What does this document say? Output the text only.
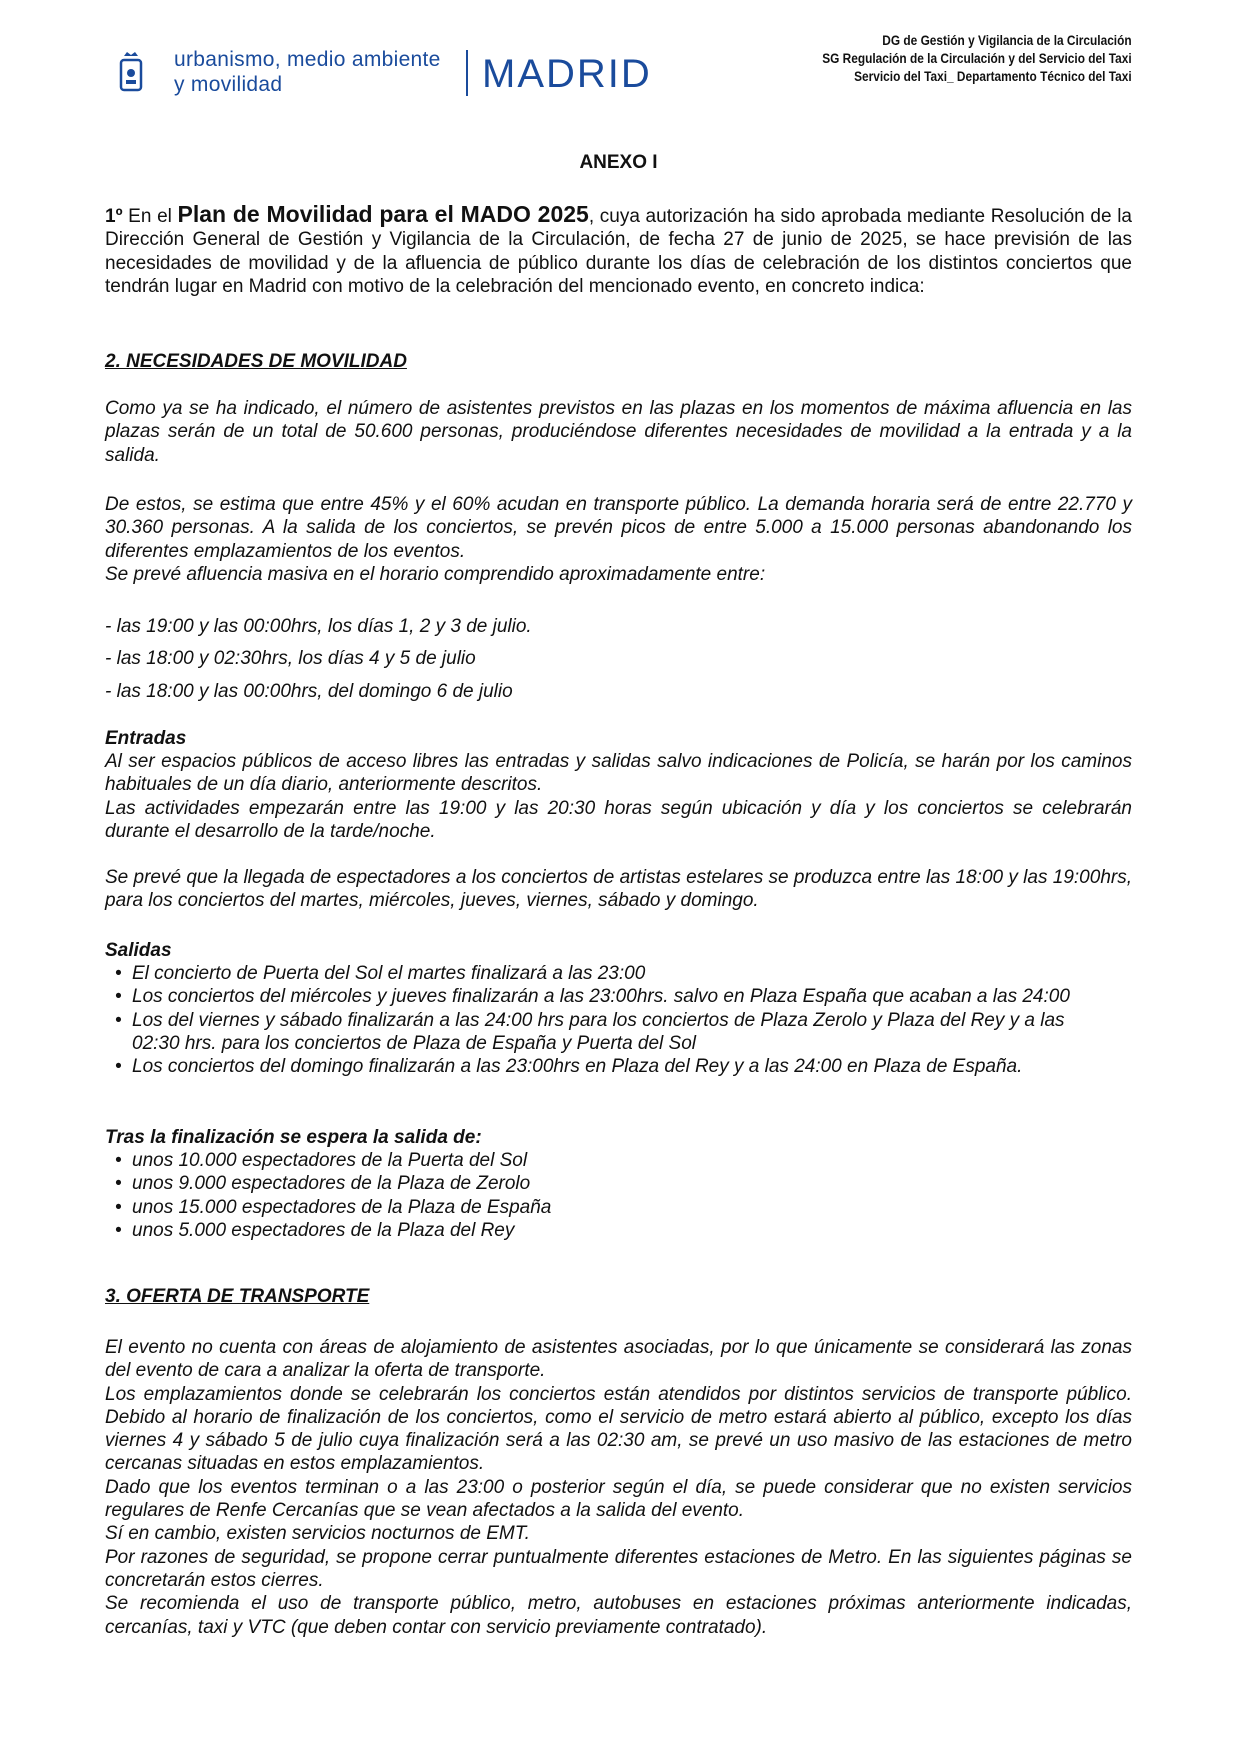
urbanismo, medio ambiente
y movilidad	MADRID
DG de Gestión y Vigilancia de la Circulación
SG Regulación de la Circulación y del Servicio del Taxi
Servicio del Taxi_ Departamento Técnico del Taxi
ANEXO I

1º En el Plan de Movilidad para el MADO 2025, cuya autorización ha sido aprobada mediante Resolución de la Dirección General de Gestión y Vigilancia de la Circulación, de fecha 27 de junio de 2025, se hace previsión de las necesidades de movilidad y de la afluencia de público durante los días de celebración de los distintos conciertos que tendrán lugar en Madrid con motivo de la celebración del mencionado evento, en concreto indica:

2. NECESIDADES DE MOVILIDAD

Como ya se ha indicado, el número de asistentes previstos en las plazas en los momentos de máxima afluencia en las plazas serán de un total de 50.600 personas, produciéndose diferentes necesidades de movilidad a la entrada y a la salida.

De estos, se estima que entre 45% y el 60% acudan en transporte público. La demanda horaria será de entre 22.770 y 30.360 personas. A la salida de los conciertos, se prevén picos de entre 5.000 a 15.000 personas abandonando los diferentes emplazamientos de los eventos.

Se prevé afluencia masiva en el horario comprendido aproximadamente entre:

- las 19:00 y las 00:00hrs, los días 1, 2 y 3 de julio.
- las 18:00 y 02:30hrs, los días 4 y 5 de julio
- las 18:00 y las 00:00hrs, del domingo 6 de julio
Entradas

Al ser espacios públicos de acceso libres las entradas y salidas salvo indicaciones de Policía, se harán por los caminos habituales de un día diario, anteriormente descritos.

Las actividades empezarán entre las 19:00 y las 20:30 horas según ubicación y día y los conciertos se celebrarán durante el desarrollo de la tarde/noche.

Se prevé que la llegada de espectadores a los conciertos de artistas estelares se produzca entre las 18:00 y las 19:00hrs, para los conciertos del martes, miércoles, jueves, viernes, sábado y domingo.

Salidas
• El concierto de Puerta del Sol el martes finalizará a las 23:00
• Los conciertos del miércoles y jueves finalizarán a las 23:00hrs. salvo en Plaza España que acaban a las 24:00
• Los del viernes y sábado finalizarán a las 24:00 hrs para los conciertos de Plaza Zerolo y Plaza del Rey y a las 02:30 hrs. para los conciertos de Plaza de España y Puerta del Sol
• Los conciertos del domingo finalizarán a las 23:00hrs en Plaza del Rey y a las 24:00 en Plaza de España.
Tras la finalización se espera la salida de:
• unos 10.000 espectadores de la Puerta del Sol
• unos 9.000 espectadores de la Plaza de Zerolo
• unos 15.000 espectadores de la Plaza de España
• unos 5.000 espectadores de la Plaza del Rey
3. OFERTA DE TRANSPORTE

El evento no cuenta con áreas de alojamiento de asistentes asociadas, por lo que únicamente se considerará las zonas del evento de cara a analizar la oferta de transporte.

Los emplazamientos donde se celebrarán los conciertos están atendidos por distintos servicios de transporte público. Debido al horario de finalización de los conciertos, como el servicio de metro estará abierto al público, excepto los días viernes 4 y sábado 5 de julio cuya finalización será a las 02:30 am, se prevé un uso masivo de las estaciones de metro cercanas situadas en estos emplazamientos.

Dado que los eventos terminan o a las 23:00 o posterior según el día, se puede considerar que no existen servicios regulares de Renfe Cercanías que se vean afectados a la salida del evento.

Sí en cambio, existen servicios nocturnos de EMT.

Por razones de seguridad, se propone cerrar puntualmente diferentes estaciones de Metro. En las siguientes páginas se concretarán estos cierres.

Se recomienda el uso de transporte público, metro, autobuses en estaciones próximas anteriormente indicadas, cercanías, taxi y VTC (que deben contar con servicio previamente contratado).
